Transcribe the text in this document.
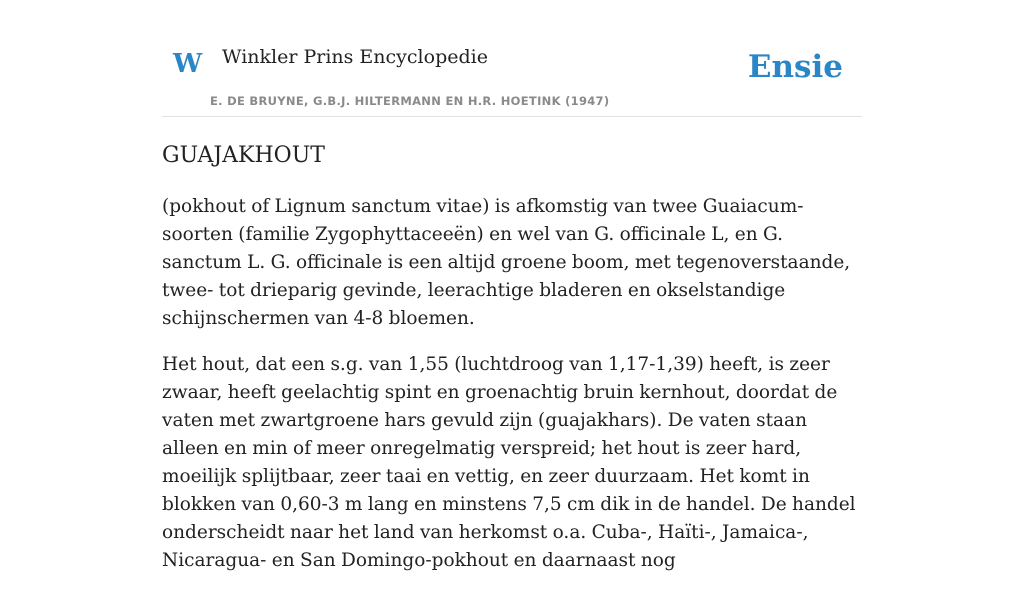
W Winkler Prins Encyclopedie
E. DE BRUYNE, G.B.J. HILTERMANN EN H.R. HOETINK (1947)
Ensie
GUAJAKHOUT

(pokhout of Lignum sanctum vitae) is afkomstig van twee Guaiacum-soorten (familie Zygophyttaceeën) en wel van G. officinale L, en G. sanctum L. G. officinale is een altijd groene boom, met tegenoverstaande, twee- tot drieparig gevinde, leerachtige bladeren en okselstandige schijnschermen van 4-8 bloemen.

Het hout, dat een s.g. van 1,55 (luchtdroog van 1,17-1,39) heeft, is zeer zwaar, heeft geelachtig spint en groenachtig bruin kernhout, doordat de vaten met zwartgroene hars gevuld zijn (guajakhars). De vaten staan alleen en min of meer onregelmatig verspreid; het hout is zeer hard, moeilijk splijtbaar, zeer taai en vettig, en zeer duurzaam. Het komt in blokken van 0,60-3 m lang en minstens 7,5 cm dik in de handel. De handel onderscheidt naar het land van herkomst o.a. Cuba-, Haïti-, Jamaica-, Nicaragua- en San Domingo-pokhout en daarnaast nog
